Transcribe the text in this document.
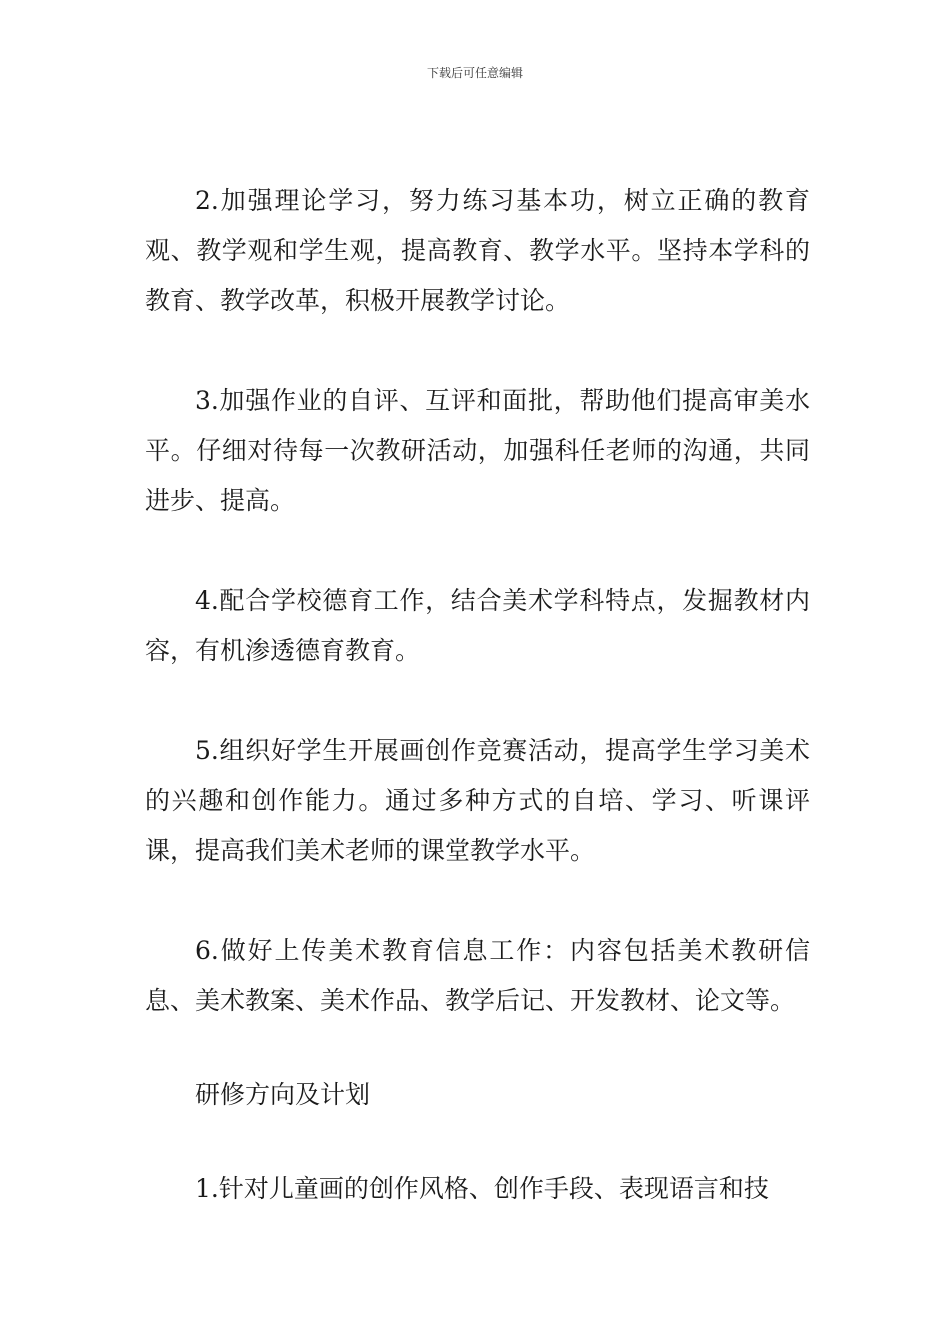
下载后可任意编辑

2.加强理论学习，努力练习基本功，树立正确的教育观、教学观和学生观，提高教育、教学水平。坚持本学科的教育、教学改革，积极开展教学讨论。

3.加强作业的自评、互评和面批，帮助他们提高审美水平。仔细对待每一次教研活动，加强科任老师的沟通，共同进步、提高。

4.配合学校德育工作，结合美术学科特点，发掘教材内容，有机渗透德育教育。

5.组织好学生开展画创作竞赛活动，提高学生学习美术的兴趣和创作能力。通过多种方式的自培、学习、听课评课，提高我们美术老师的课堂教学水平。

6.做好上传美术教育信息工作：内容包括美术教研信息、美术教案、美术作品、教学后记、开发教材、论文等。

研修方向及计划

1.针对儿童画的创作风格、创作手段、表现语言和技
